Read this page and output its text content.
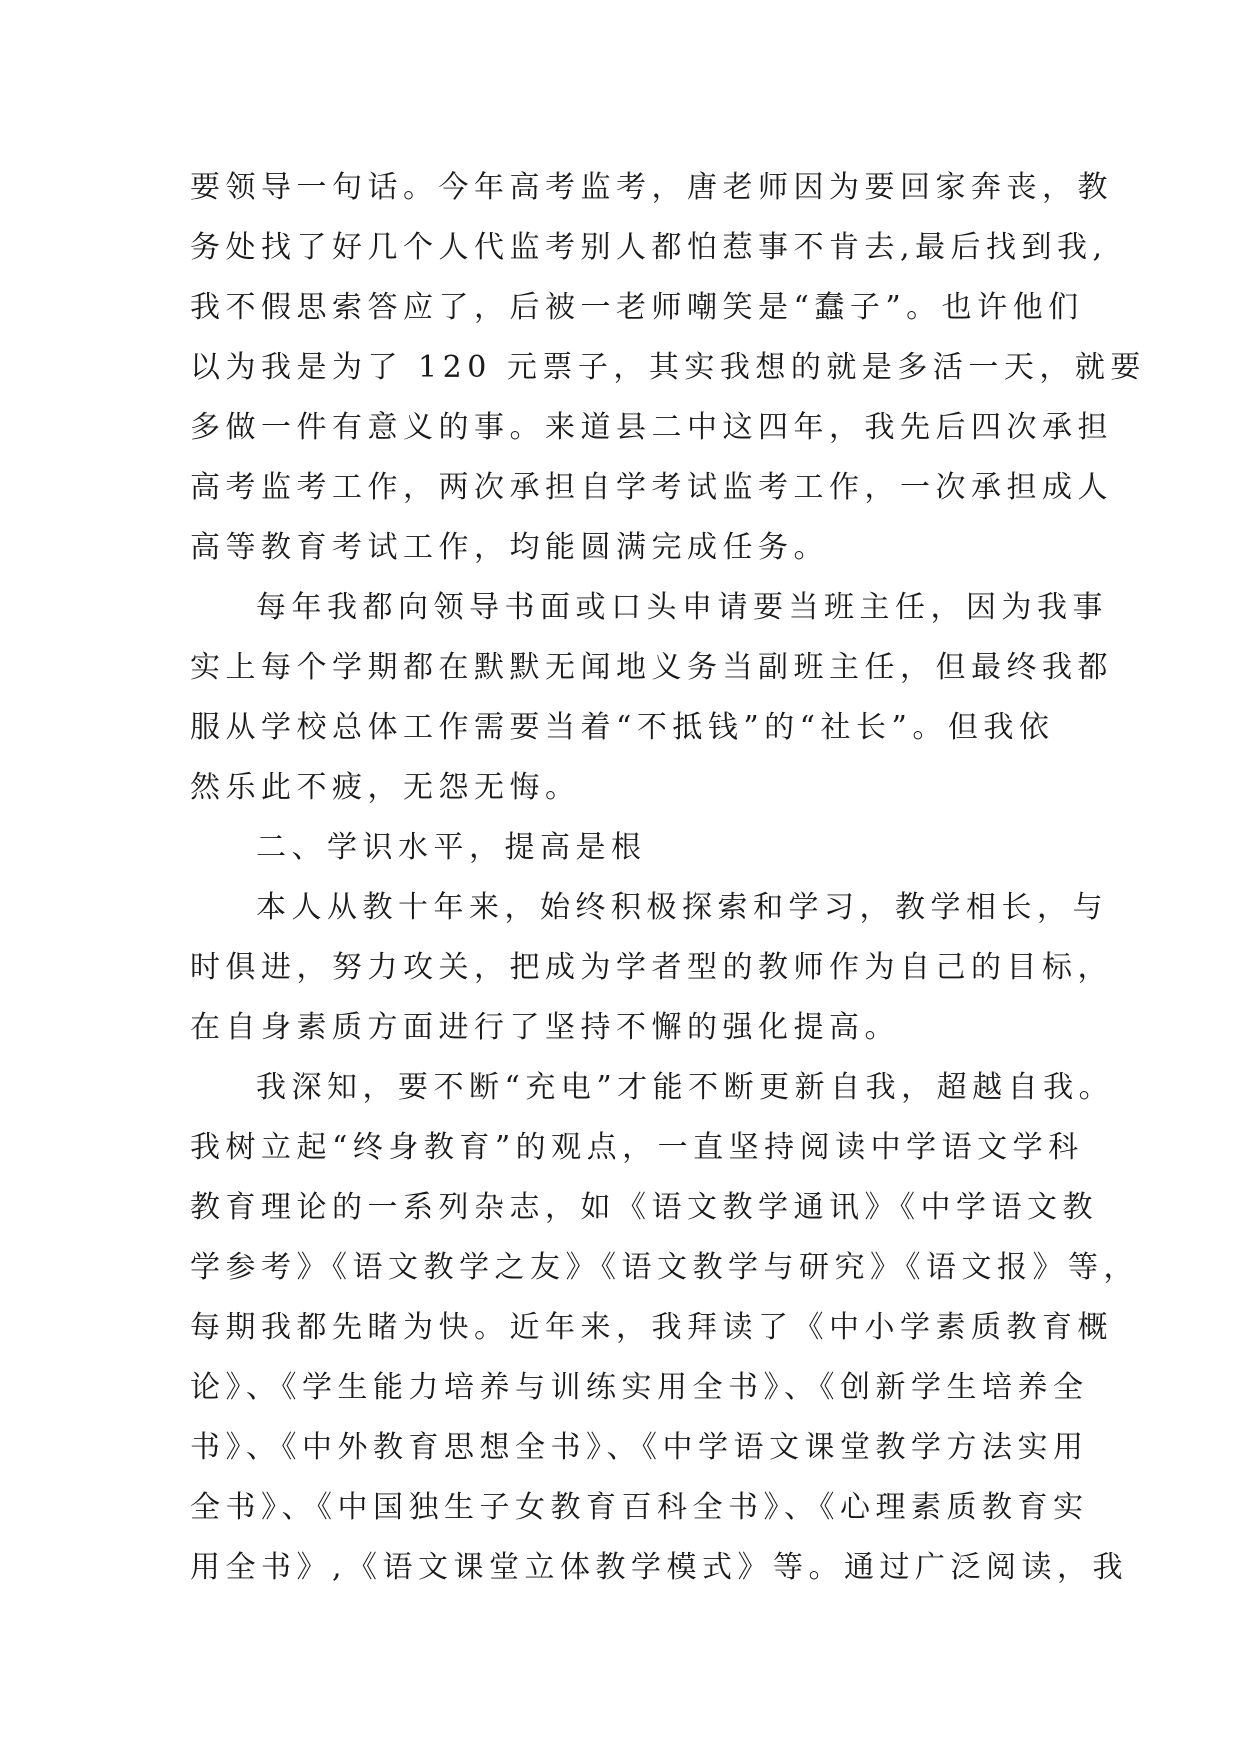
要领导一句话。今年高考监考，唐老师因为要回家奔丧，教
务处找了好几个人代监考别人都怕惹事不肯去,最后找到我,
我不假思索答应了，后被一老师嘲笑是“蠢子”。也许他们
以为我是为了 120 元票子，其实我想的就是多活一天，就要
多做一件有意义的事。来道县二中这四年，我先后四次承担
高考监考工作，两次承担自学考试监考工作，一次承担成人
高等教育考试工作，均能圆满完成任务。
每年我都向领导书面或口头申请要当班主任，因为我事
实上每个学期都在默默无闻地义务当副班主任，但最终我都
服从学校总体工作需要当着“不抵钱”的“社长”。但我依
然乐此不疲，无怨无悔。
二、学识水平，提高是根
本人从教十年来，始终积极探索和学习，教学相长，与
时俱进，努力攻关，把成为学者型的教师作为自己的目标，
在自身素质方面进行了坚持不懈的强化提高。
我深知，要不断“充电”才能不断更新自我，超越自我。
我树立起“终身教育”的观点，一直坚持阅读中学语文学科
教育理论的一系列杂志，如《语文教学通讯》《中学语文教
学参考》《语文教学之友》《语文教学与研究》《语文报》等，
每期我都先睹为快。近年来，我拜读了《中小学素质教育概
论》、《学生能力培养与训练实用全书》、《创新学生培养全
书》、《中外教育思想全书》、《中学语文课堂教学方法实用
全书》、《中国独生子女教育百科全书》、《心理素质教育实
用全书》,《语文课堂立体教学模式》等。通过广泛阅读，我
